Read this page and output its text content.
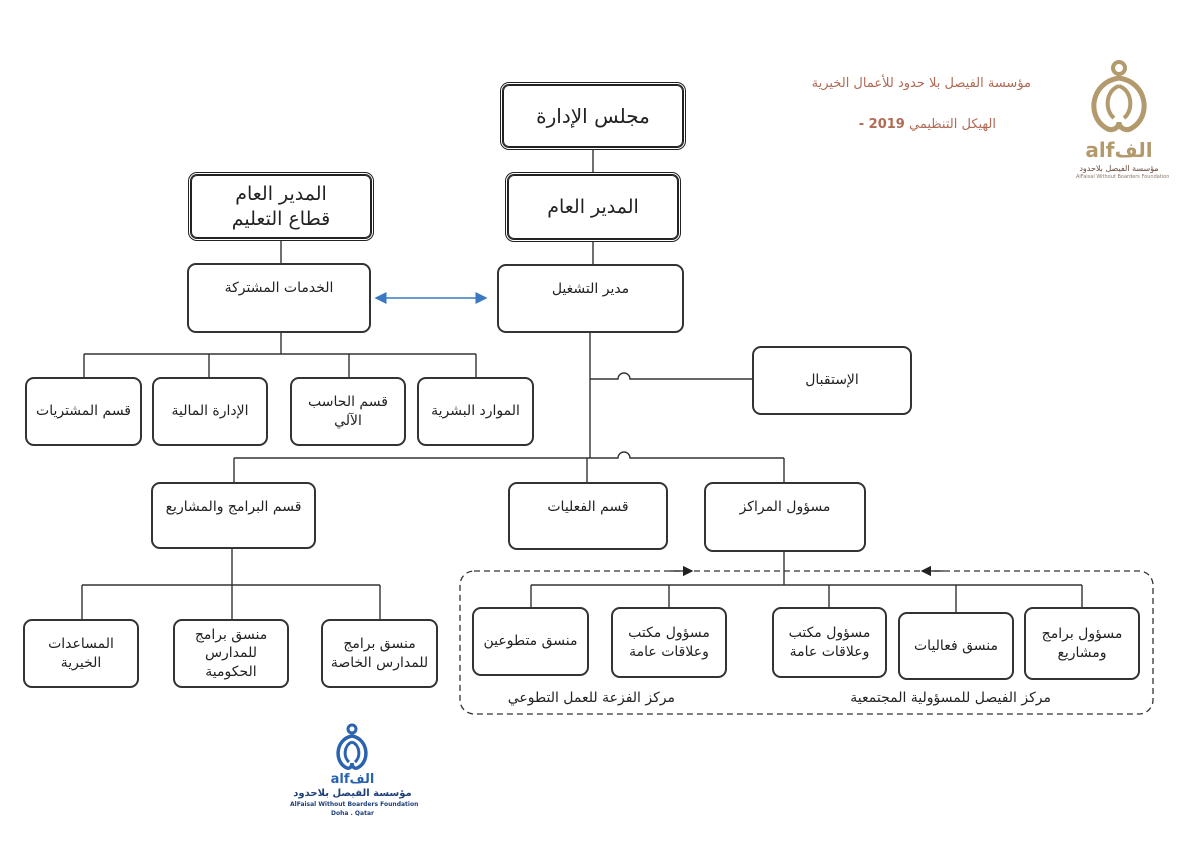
مؤسسة الفيصل بلا حدود للأعمال الخيرية
الهيكل التنظيمي 2019 -
alfالف
مؤسسة الفيصل بلاحدود
AlFaisal Without Boarders Foundation
مجلس الإدارة
المدير العام
المدير العام
قطاع التعليم
الخدمات المشتركة	مدير التشغيل
الإستقبال
قسم المشتريات	الإدارة المالية
قسم الحاسب الآلي
الموارد البشرية
قسم البرامج والمشاريع	قسم الفعليات	مسؤول المراكز
المساعدات الخيرية
منسق برامج
للمدارس الحكومية
منسق برامج
للمدارس الخاصة
منسق متطوعين
مسؤول مكتب
وعلاقات عامة
مسؤول مكتب
وعلاقات عامة	منسق فعاليات
مسؤول برامج
ومشاريع
مركز الفزعة للعمل التطوعي	مركز الفيصل للمسؤولية المجتمعية
alfالف
مؤسسة الفيصل بلاحدود
AlFaisal Without Boarders Foundation
Doha . Qatar
